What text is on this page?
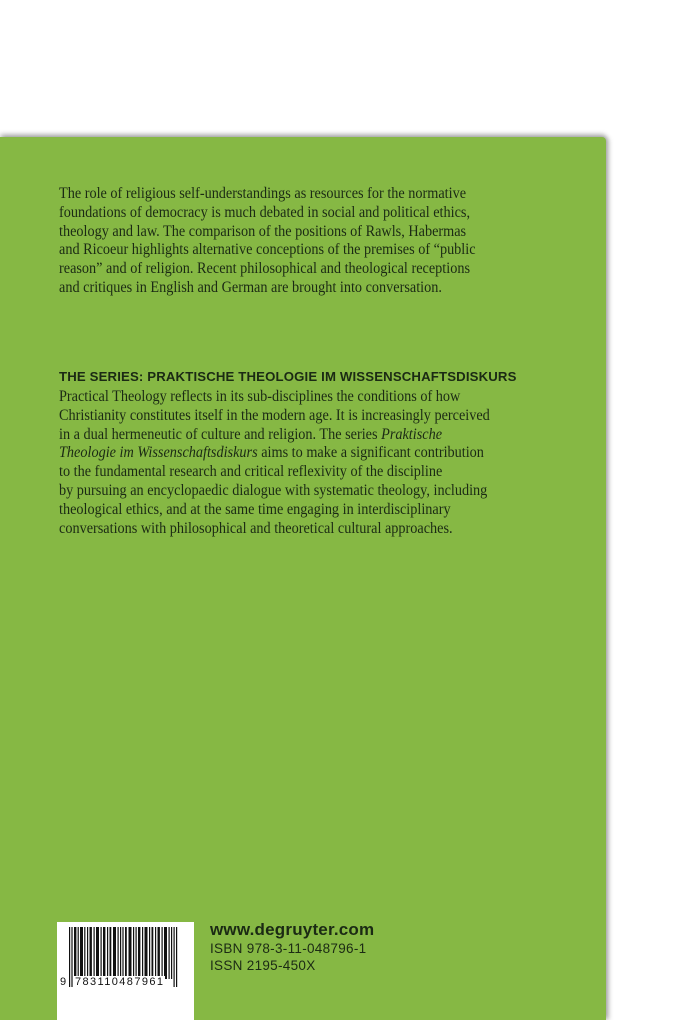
The role of religious self-understandings as resources for the normative
foundations of democracy is much debated in social and political ethics,
theology and law. The comparison of the positions of Rawls, Habermas
and Ricoeur highlights alternative conceptions of the premises of “public
reason” and of religion. Recent philosophical and theological receptions
and critiques in English and German are brought into conversation.
THE SERIES: PRAKTISCHE THEOLOGIE IM WISSENSCHAFTSDISKURS
Practical Theology reflects in its sub-disciplines the conditions of how
Christianity constitutes itself in the modern age. It is increasingly perceived
in a dual hermeneutic of culture and religion. The series Praktische
Theologie im Wissenschaftsdiskurs aims to make a significant contribution
to the fundamental research and critical reflexivity of the discipline
by pursuing an encyclopaedic dialogue with systematic theology, including
theological ethics, and at the same time engaging in interdisciplinary
conversations with philosophical and theoretical cultural approaches.
9 783110487961
www.degruyter.com
ISBN 978-3-11-048796-1
ISSN 2195-450X
